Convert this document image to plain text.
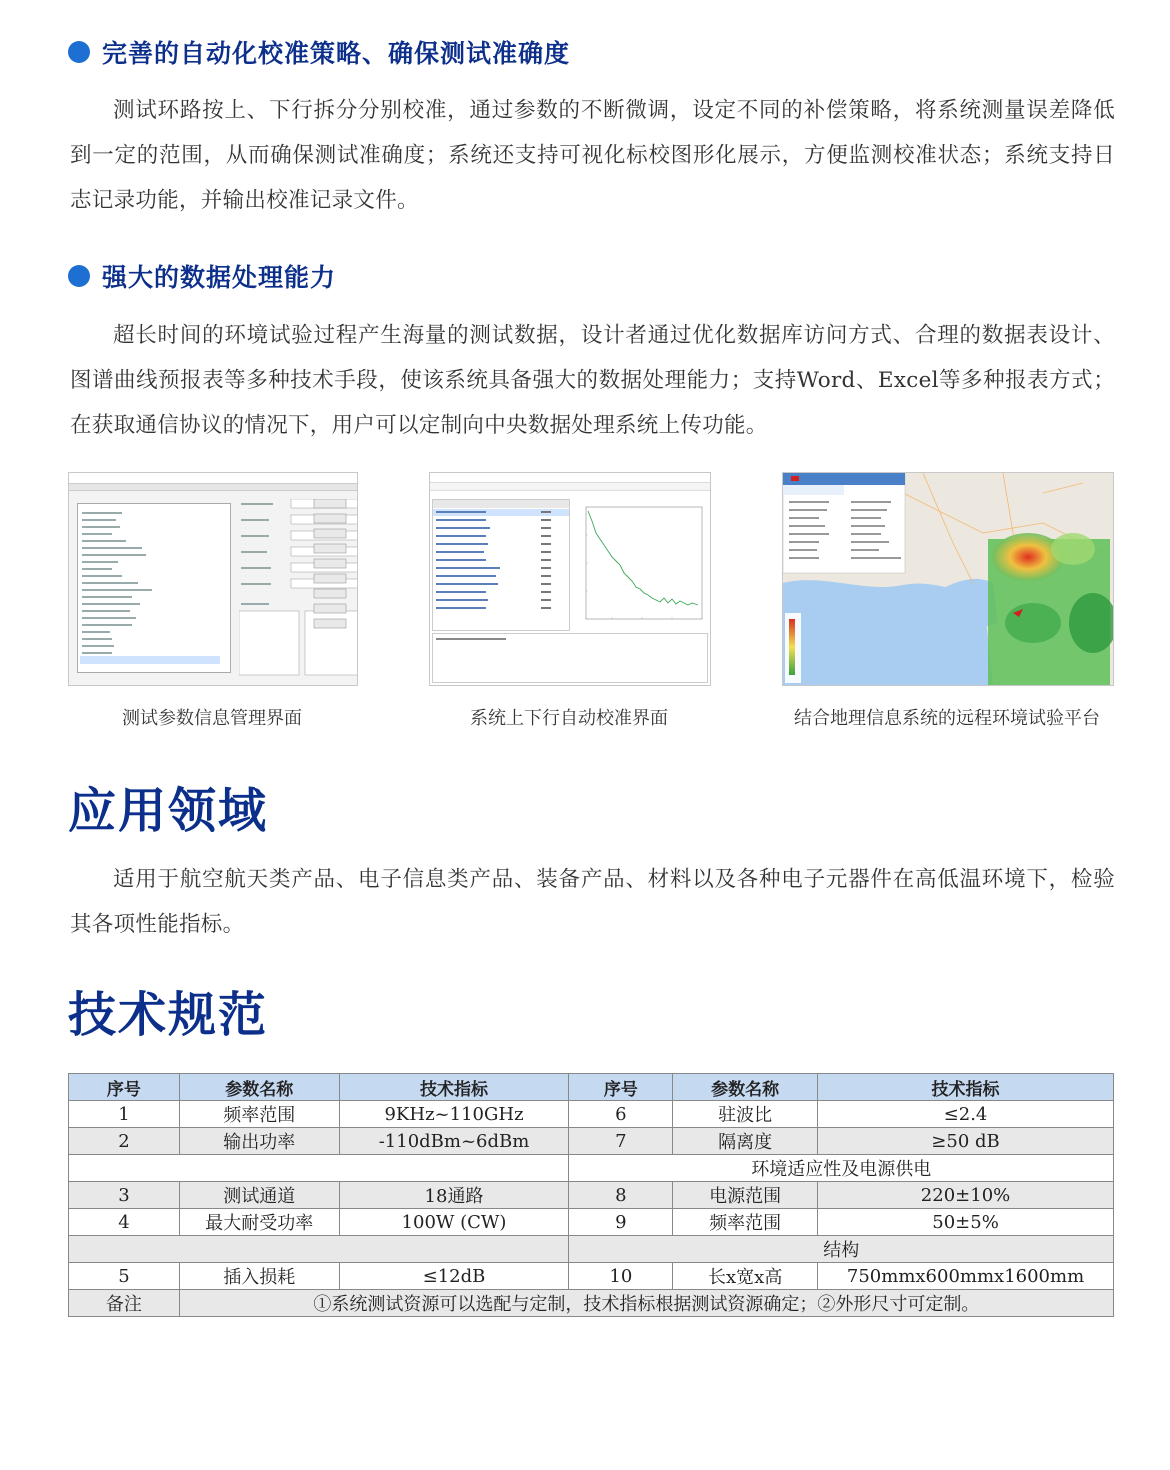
完善的自动化校准策略、确保测试准确度
测试环路按上、下行拆分分别校准，通过参数的不断微调，设定不同的补偿策略，将系统测量误差降低到一定的范围，从而确保测试准确度；系统还支持可视化标校图形化展示，方便监测校准状态；系统支持日志记录功能，并输出校准记录文件。
强大的数据处理能力
超长时间的环境试验过程产生海量的测试数据，设计者通过优化数据库访问方式、合理的数据表设计、图谱曲线预报表等多种技术手段，使该系统具备强大的数据处理能力；支持Word、Excel等多种报表方式；在获取通信协议的情况下，用户可以定制向中央数据处理系统上传功能。
测试参数信息管理界面	系统上下行自动校准界面	结合地理信息系统的远程环境试验平台
应用领域
适用于航空航天类产品、电子信息类产品、装备产品、材料以及各种电子元器件在高低温环境下，检验其各项性能指标。
技术规范
序号	参数名称	技术指标	序号	参数名称	技术指标
1	频率范围	9KHz~110GHz	6	驻波比	≤2.4
2	输出功率	-110dBm~6dBm	7	隔离度	≥50 dB
			环境适应性及电源供电		
3	测试通道	18通路	8	电源范围	220±10%
4	最大耐受功率	100W (CW)	9	频率范围	50±5%
			结构		
5	插入损耗	≤12dB	10	长x宽x高	750mmx600mmx1600mm
备注	①系统测试资源可以选配与定制，技术指标根据测试资源确定；②外形尺寸可定制。				
